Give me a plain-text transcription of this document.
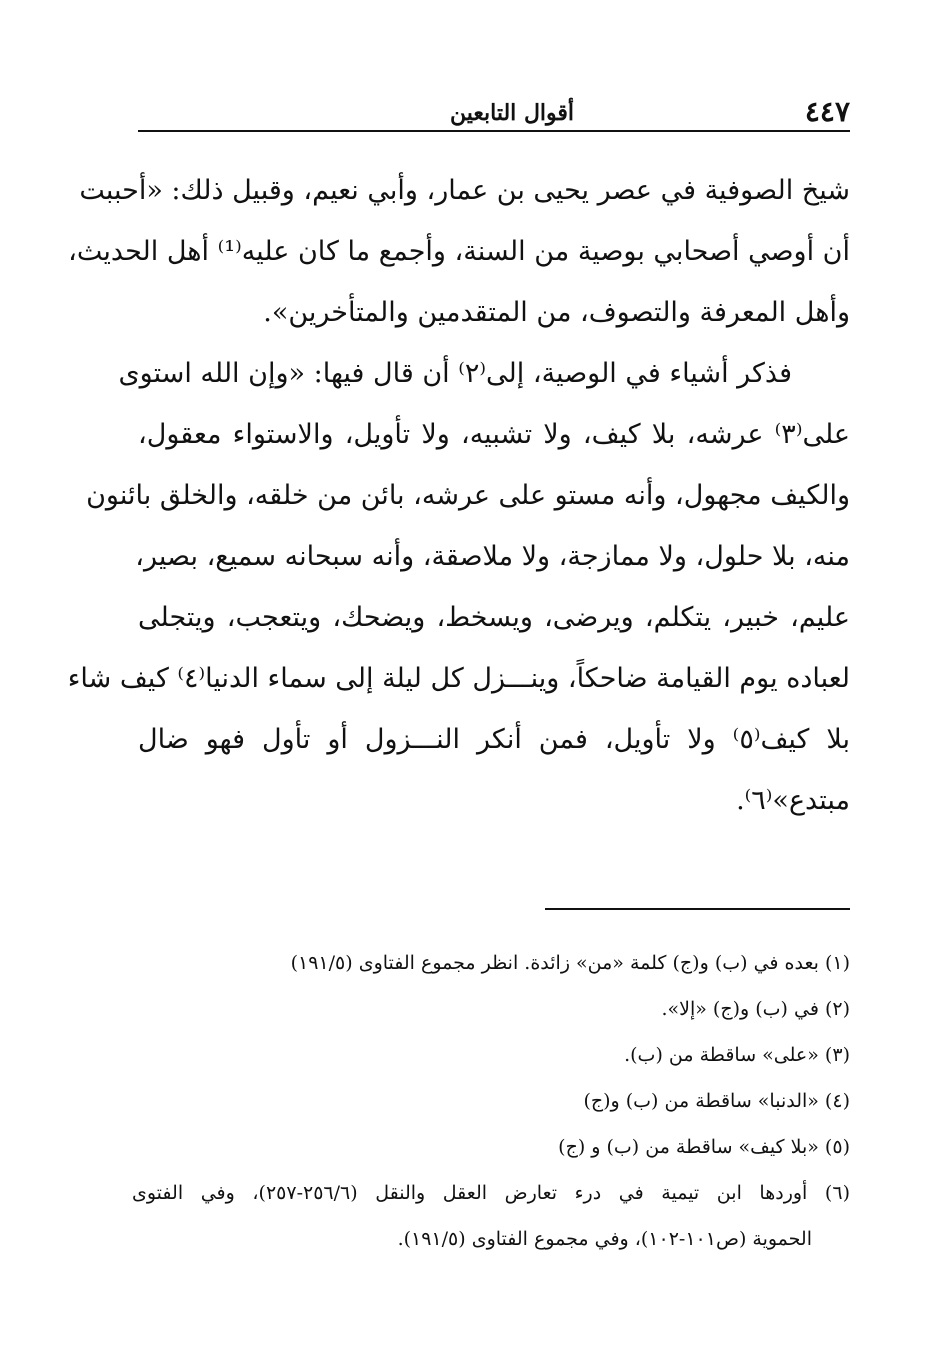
٤٤٧
أقوال التابعين
شيخ الصوفية في عصر يحيى بن عمار، وأبي نعيم، وقبيل ذلك: «أحببت
أن أوصي أصحابي بوصية من السنة، وأجمع ما كان عليه⁽¹⁾ أهل الحديث،
وأهل المعرفة والتصوف، من المتقدمين والمتأخرين».
فذكر أشياء في الوصية، إلى⁽٢⁾ أن قال فيها: «وإن الله استوى
على⁽٣⁾ عرشه، بلا كيف، ولا تشبيه، ولا تأويل، والاستواء معقول،
والكيف مجهول، وأنه مستو على عرشه، بائن من خلقه، والخلق بائنون
منه، بلا حلول، ولا ممازجة، ولا ملاصقة، وأنه سبحانه سميع، بصير،
عليم، خبير، يتكلم، ويرضى، ويسخط، ويضحك، ويتعجب، ويتجلى
لعباده يوم القيامة ضاحكاً، وينـــزل كل ليلة إلى سماء الدنيا⁽٤⁾ كيف شاء
بلا كيف⁽٥⁾ ولا تأويل، فمن أنكر النـــزول أو تأول فهو ضال
مبتدع»⁽٦⁾.
(١) بعده في (ب) و(ج) كلمة «من» زائدة. انظر مجموع الفتاوى (١٩١/٥)
(٢) في (ب) و(ج) «إلا».
(٣) «على» ساقطة من (ب).
(٤) «الدنبا» ساقطة من (ب) و(ج)
(٥) «بلا كيف» ساقطة من (ب) و (ج)
(٦) أوردها ابن تيمية في درء تعارض العقل والنقل (٢٥٦/٦-٢٥٧)، وفي الفتوى
الحموية (ص١٠١-١٠٢)، وفي مجموع الفتاوى (١٩١/٥).
